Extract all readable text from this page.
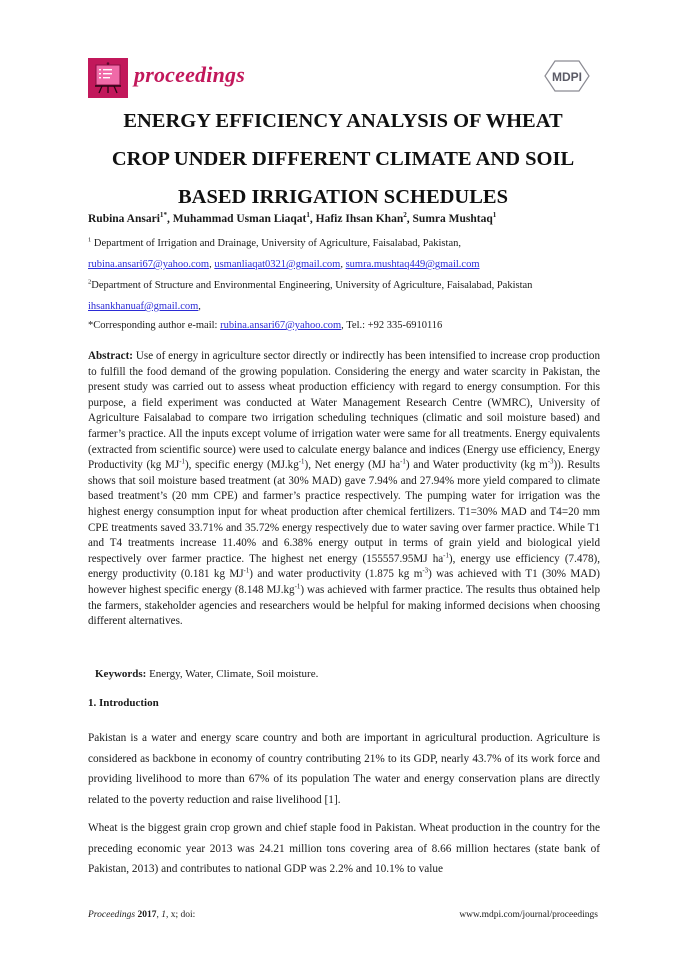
proceedings	MDPI
ENERGY EFFICIENCY ANALYSIS OF WHEAT
CROP UNDER DIFFERENT CLIMATE AND SOIL
BASED IRRIGATION SCHEDULES
Rubina Ansari$^{1*}$, Muhammad Usman Liaqat$^1$, Hafiz Ihsan Khan$^2$, Sumra Mushtaq$^1$
$^1$ Department of Irrigation and Drainage, University of Agriculture, Faisalabad, Pakistan,
rubina.ansari67@yahoo.com, usmanliaqat0321@gmail.com, sumra.mushtaq449@gmail.com
$^2$Department of Structure and Environmental Engineering, University of Agriculture, Faisalabad, Pakistan
ihsankhanuaf@gmail.com,
*Corresponding author e-mail: rubina.ansari67@yahoo.com, Tel.: +92 335-6910116
Abstract: Use of energy in agriculture sector directly or indirectly has been intensified to increase crop production to fulfill the food demand of the growing population. Considering the energy and water scarcity in Pakistan, the present study was carried out to assess wheat production efficiency with regard to energy consumption. For this purpose, a field experiment was conducted at Water Management Research Centre (WMRC), University of Agriculture Faisalabad to compare two irrigation scheduling techniques (climatic and soil moisture based) and farmer’s practice. All the inputs except volume of irrigation water were same for all treatments. Energy equivalents (extracted from scientific source) were used to calculate energy balance and indices (Energy use efficiency, Energy Productivity (kg $MJ^{-1}$), specific energy $(MJ.kg^{-1})$, Net energy (MJ $ha^{-1}$) and Water productivity (kg $m^{-3}$)). Results shows that soil moisture based treatment (at 30% MAD) gave 7.94% and 27.94% more yield compared to climate based treatment’s (20 mm CPE) and farmer’s practice respectively. The pumping water for irrigation was the highest energy consumption input for wheat production after chemical fertilizers. T1=30% MAD and T4=20 mm CPE treatments saved 33.71% and 35.72% energy respectively due to water saving over farmer practice. While T1 and T4 treatments increase 11.40% and 6.38% energy output in terms of grain yield and biological yield respectively over farmer practice. The highest net energy (155557.95MJ $ha^{-1}$), energy use efficiency (7.478), energy productivity (0.181 kg $MJ^{-1}$) and water productivity (1.875 kg $m^{-3}$) was achieved with T1 (30% MAD) however highest specific energy (8.148 $MJ.kg^{-1}$) was achieved with farmer practice. The results thus obtained help the farmers, stakeholder agencies and researchers would be helpful for making informed decisions when choosing different alternatives.
Keywords: Energy, Water, Climate, Soil moisture.
1. Introduction
Pakistan is a water and energy scare country and both are important in agricultural production. Agriculture is considered as backbone in economy of country contributing 21% to its GDP, nearly 43.7% of its work force and providing livelihood to more than 67% of its population The water and energy conservation plans are directly related to the poverty reduction and raise livelihood [1].
Wheat is the biggest grain crop grown and chief staple food in Pakistan. Wheat production in the country for the preceding economic year 2013 was 24.21 million tons covering area of 8.66 million hectares (state bank of Pakistan, 2013) and contributes to national GDP was 2.2% and 10.1% to value
Proceedings 2017, 1, x; doi:	www.mdpi.com/journal/proceedings
